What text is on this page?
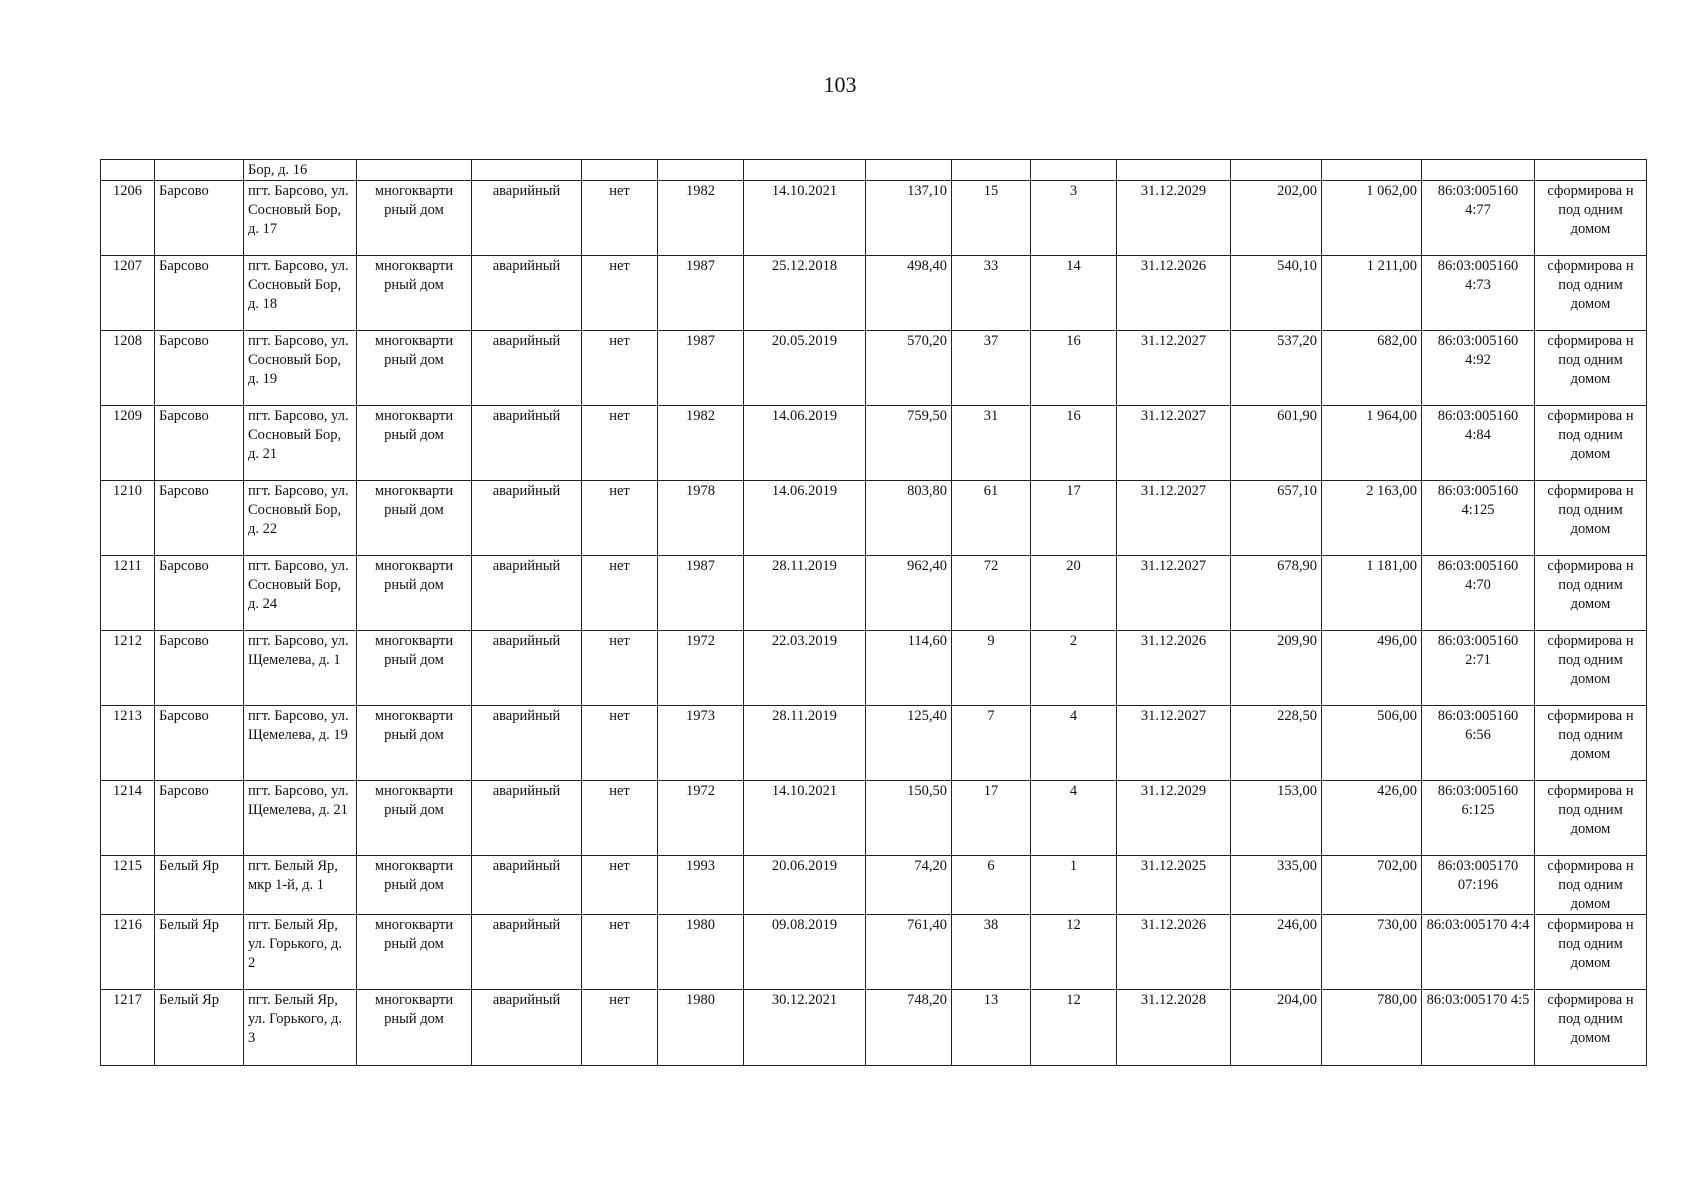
103
		Бор, д. 16													
1206	Барсово	пгт. Барсово, ул. Сосновый Бор, д. 17	многокварти рный дом	аварийный	нет	1982	14.10.2021	137,10	15	3	31.12.2029	202,00	1 062,00	86:03:005160 4:77	сформирова н под одним домом
1207	Барсово	пгт. Барсово, ул. Сосновый Бор, д. 18	многокварти рный дом	аварийный	нет	1987	25.12.2018	498,40	33	14	31.12.2026	540,10	1 211,00	86:03:005160 4:73	сформирова н под одним домом
1208	Барсово	пгт. Барсово, ул. Сосновый Бор, д. 19	многокварти рный дом	аварийный	нет	1987	20.05.2019	570,20	37	16	31.12.2027	537,20	682,00	86:03:005160 4:92	сформирова н под одним домом
1209	Барсово	пгт. Барсово, ул. Сосновый Бор, д. 21	многокварти рный дом	аварийный	нет	1982	14.06.2019	759,50	31	16	31.12.2027	601,90	1 964,00	86:03:005160 4:84	сформирова н под одним домом
1210	Барсово	пгт. Барсово, ул. Сосновый Бор, д. 22	многокварти рный дом	аварийный	нет	1978	14.06.2019	803,80	61	17	31.12.2027	657,10	2 163,00	86:03:005160 4:125	сформирова н под одним домом
1211	Барсово	пгт. Барсово, ул. Сосновый Бор, д. 24	многокварти рный дом	аварийный	нет	1987	28.11.2019	962,40	72	20	31.12.2027	678,90	1 181,00	86:03:005160 4:70	сформирова н под одним домом
1212	Барсово	пгт. Барсово, ул. Щемелева, д. 1	многокварти рный дом	аварийный	нет	1972	22.03.2019	114,60	9	2	31.12.2026	209,90	496,00	86:03:005160 2:71	сформирова н под одним домом
1213	Барсово	пгт. Барсово, ул. Щемелева, д. 19	многокварти рный дом	аварийный	нет	1973	28.11.2019	125,40	7	4	31.12.2027	228,50	506,00	86:03:005160 6:56	сформирова н под одним домом
1214	Барсово	пгт. Барсово, ул. Щемелева, д. 21	многокварти рный дом	аварийный	нет	1972	14.10.2021	150,50	17	4	31.12.2029	153,00	426,00	86:03:005160 6:125	сформирова н под одним домом
1215	Белый Яр	пгт. Белый Яр, мкр 1-й, д. 1	многокварти рный дом	аварийный	нет	1993	20.06.2019	74,20	6	1	31.12.2025	335,00	702,00	86:03:005170 07:196	сформирова н под одним домом
1216	Белый Яр	пгт. Белый Яр, ул. Горького, д. 2	многокварти рный дом	аварийный	нет	1980	09.08.2019	761,40	38	12	31.12.2026	246,00	730,00	86:03:005170 4:4	сформирова н под одним домом
1217	Белый Яр	пгт. Белый Яр, ул. Горького, д. 3	многокварти рный дом	аварийный	нет	1980	30.12.2021	748,20	13	12	31.12.2028	204,00	780,00	86:03:005170 4:5	сформирова н под одним домом
